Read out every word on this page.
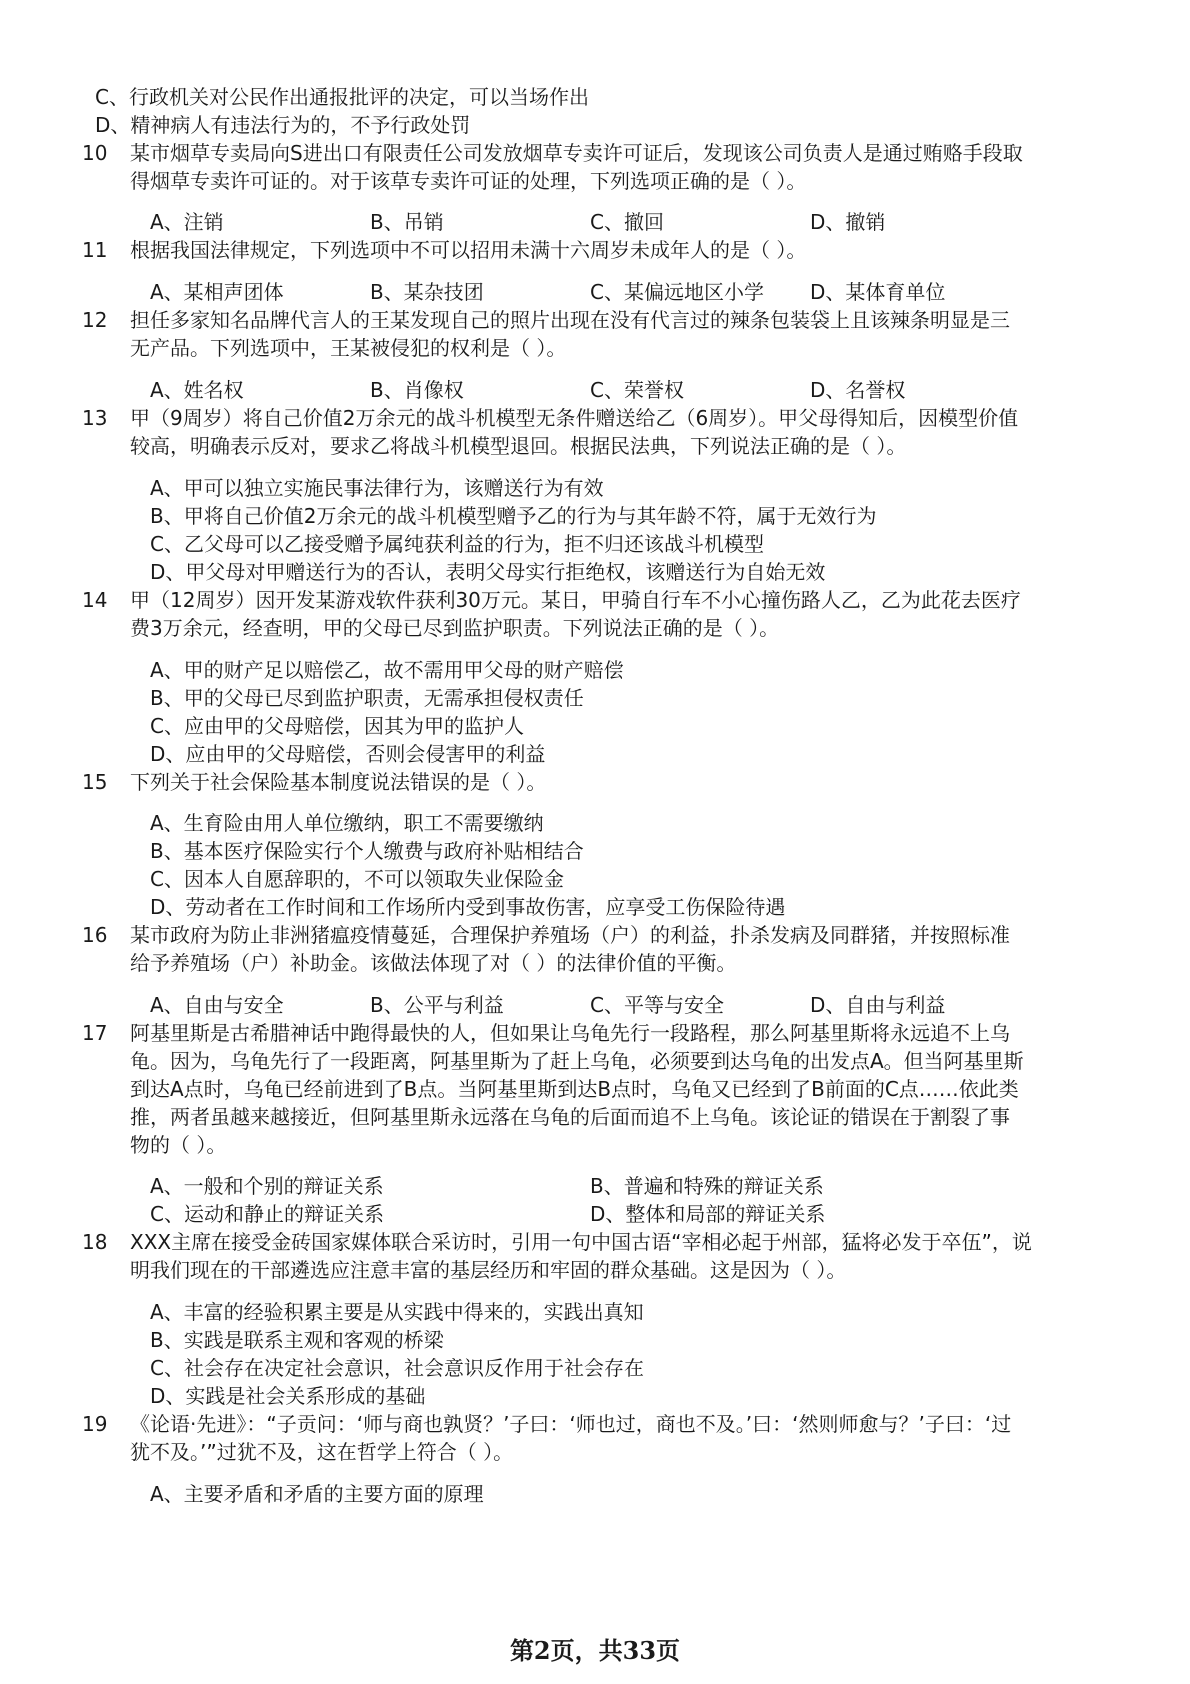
C、行政机关对公民作出通报批评的决定，可以当场作出
D、精神病人有违法行为的，不予行政处罚
10 某市烟草专卖局向S进出口有限责任公司发放烟草专卖许可证后，发现该公司负责人是通过贿赂手段取
得烟草专卖许可证的。对于该草专卖许可证的处理，下列选项正确的是（ ）。
A、注销	B、吊销	C、撤回	D、撤销
11 根据我国法律规定，下列选项中不可以招用未满十六周岁未成年人的是（ ）。
A、某相声团体	B、某杂技团	C、某偏远地区小学 D、某体育单位
12 担任多家知名品牌代言人的王某发现自己的照片出现在没有代言过的辣条包装袋上且该辣条明显是三
无产品。下列选项中，王某被侵犯的权利是（ ）。
A、姓名权	B、肖像权	C、荣誉权	D、名誉权
13 甲（9周岁）将自己价值2万余元的战斗机模型无条件赠送给乙（6周岁）。甲父母得知后，因模型价值
较高，明确表示反对，要求乙将战斗机模型退回。根据民法典，下列说法正确的是（ ）。
A、甲可以独立实施民事法律行为，该赠送行为有效
B、甲将自己价值2万余元的战斗机模型赠予乙的行为与其年龄不符，属于无效行为
C、乙父母可以乙接受赠予属纯获利益的行为，拒不归还该战斗机模型
D、甲父母对甲赠送行为的否认，表明父母实行拒绝权，该赠送行为自始无效
14 甲（12周岁）因开发某游戏软件获利30万元。某日，甲骑自行车不小心撞伤路人乙，乙为此花去医疗
费3万余元，经查明，甲的父母已尽到监护职责。下列说法正确的是（ ）。
A、甲的财产足以赔偿乙，故不需用甲父母的财产赔偿
B、甲的父母已尽到监护职责，无需承担侵权责任
C、应由甲的父母赔偿，因其为甲的监护人
D、应由甲的父母赔偿，否则会侵害甲的利益
15 下列关于社会保险基本制度说法错误的是（ ）。
A、生育险由用人单位缴纳，职工不需要缴纳
B、基本医疗保险实行个人缴费与政府补贴相结合
C、因本人自愿辞职的，不可以领取失业保险金
D、劳动者在工作时间和工作场所内受到事故伤害，应享受工伤保险待遇
16 某市政府为防止非洲猪瘟疫情蔓延，合理保护养殖场（户）的利益，扑杀发病及同群猪，并按照标准
给予养殖场（户）补助金。该做法体现了对（ ）的法律价值的平衡。
A、自由与安全	B、公平与利益	C、平等与安全	D、自由与利益
17 阿基里斯是古希腊神话中跑得最快的人，但如果让乌龟先行一段路程，那么阿基里斯将永远追不上乌
龟。因为，乌龟先行了一段距离，阿基里斯为了赶上乌龟，必须要到达乌龟的出发点A。但当阿基里斯
到达A点时，乌龟已经前进到了B点。当阿基里斯到达B点时，乌龟又已经到了B前面的C点……依此类
推，两者虽越来越接近，但阿基里斯永远落在乌龟的后面而追不上乌龟。该论证的错误在于割裂了事
物的（ ）。
A、一般和个别的辩证关系	B、普遍和特殊的辩证关系
C、运动和静止的辩证关系	D、整体和局部的辩证关系
18 XXX主席在接受金砖国家媒体联合采访时，引用一句中国古语“宰相必起于州部，猛将必发于卒伍”，说
明我们现在的干部遴选应注意丰富的基层经历和牢固的群众基础。这是因为（ ）。
A、丰富的经验积累主要是从实践中得来的，实践出真知
B、实践是联系主观和客观的桥梁
C、社会存在决定社会意识，社会意识反作用于社会存在
D、实践是社会关系形成的基础
19 《论语·先进》：“子贡问：‘师与商也孰贤？’子曰：‘师也过，商也不及。’曰：‘然则师愈与？’子曰：‘过
犹不及。’”过犹不及，这在哲学上符合（ ）。
A、主要矛盾和矛盾的主要方面的原理
第2页，共33页
